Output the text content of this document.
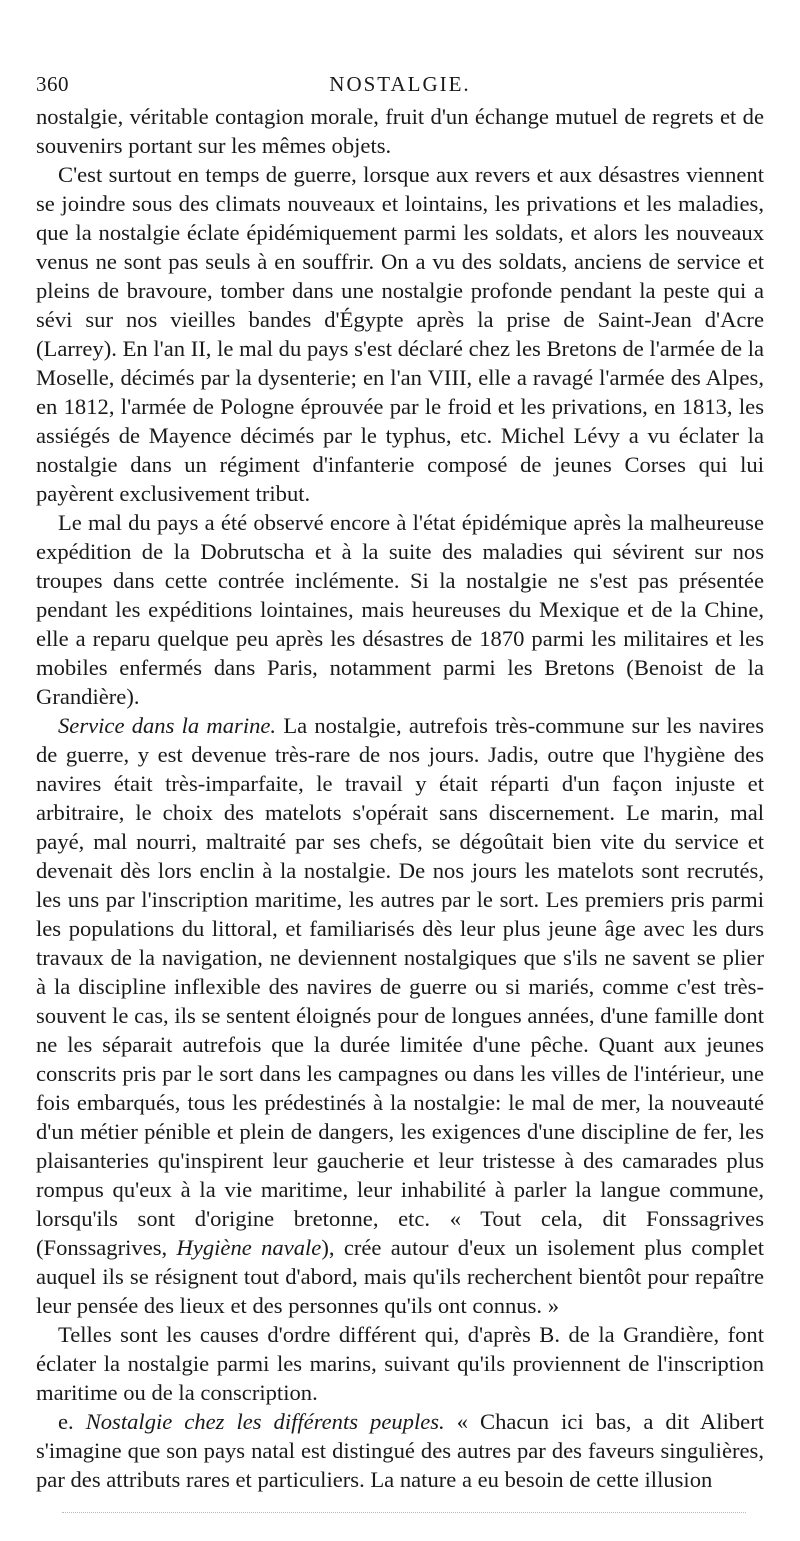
360	NOSTALGIE.

nostalgie, véritable contagion morale, fruit d'un échange mutuel de regrets et de souvenirs portant sur les mêmes objets.

C'est surtout en temps de guerre, lorsque aux revers et aux désastres viennent se joindre sous des climats nouveaux et lointains, les privations et les maladies, que la nostalgie éclate épidémiquement parmi les soldats, et alors les nouveaux venus ne sont pas seuls à en souffrir. On a vu des soldats, anciens de service et pleins de bravoure, tomber dans une nostalgie profonde pendant la peste qui a sévi sur nos vieilles bandes d'Égypte après la prise de Saint-Jean d'Acre (Larrey). En l'an II, le mal du pays s'est déclaré chez les Bretons de l'armée de la Moselle, décimés par la dysenterie; en l'an VIII, elle a ravagé l'armée des Alpes, en 1812, l'armée de Pologne éprouvée par le froid et les privations, en 1813, les assiégés de Mayence décimés par le typhus, etc. Michel Lévy a vu éclater la nostalgie dans un régiment d'infanterie composé de jeunes Corses qui lui payèrent exclusivement tribut.

Le mal du pays a été observé encore à l'état épidémique après la malheureuse expédition de la Dobrutscha et à la suite des maladies qui sévirent sur nos troupes dans cette contrée inclémente. Si la nostalgie ne s'est pas présentée pendant les expéditions lointaines, mais heureuses du Mexique et de la Chine, elle a reparu quelque peu après les désastres de 1870 parmi les militaires et les mobiles enfermés dans Paris, notamment parmi les Bretons (Benoist de la Grandière).

Service dans la marine. La nostalgie, autrefois très-commune sur les navires de guerre, y est devenue très-rare de nos jours. Jadis, outre que l'hygiène des navires était très-imparfaite, le travail y était réparti d'un façon injuste et arbitraire, le choix des matelots s'opérait sans discernement. Le marin, mal payé, mal nourri, maltraité par ses chefs, se dégoûtait bien vite du service et devenait dès lors enclin à la nostalgie. De nos jours les matelots sont recrutés, les uns par l'inscription maritime, les autres par le sort. Les premiers pris parmi les populations du littoral, et familiarisés dès leur plus jeune âge avec les durs travaux de la navigation, ne deviennent nostalgiques que s'ils ne savent se plier à la discipline inflexible des navires de guerre ou si mariés, comme c'est très-souvent le cas, ils se sentent éloignés pour de longues années, d'une famille dont ne les séparait autrefois que la durée limitée d'une pêche. Quant aux jeunes conscrits pris par le sort dans les campagnes ou dans les villes de l'intérieur, une fois embarqués, tous les prédestinés à la nostalgie: le mal de mer, la nouveauté d'un métier pénible et plein de dangers, les exigences d'une discipline de fer, les plaisanteries qu'inspirent leur gaucherie et leur tristesse à des camarades plus rompus qu'eux à la vie maritime, leur inhabilité à parler la langue commune, lorsqu'ils sont d'origine bretonne, etc. « Tout cela, dit Fonssagrives (Fonssagrives, Hygiène navale), crée autour d'eux un isolement plus complet auquel ils se résignent tout d'abord, mais qu'ils recherchent bientôt pour repaître leur pensée des lieux et des personnes qu'ils ont connus. »

Telles sont les causes d'ordre différent qui, d'après B. de la Grandière, font éclater la nostalgie parmi les marins, suivant qu'ils proviennent de l'inscription maritime ou de la conscription.

e. Nostalgie chez les différents peuples. « Chacun ici bas, a dit Alibert s'imagine que son pays natal est distingué des autres par des faveurs singulières, par des attributs rares et particuliers. La nature a eu besoin de cette illusion
